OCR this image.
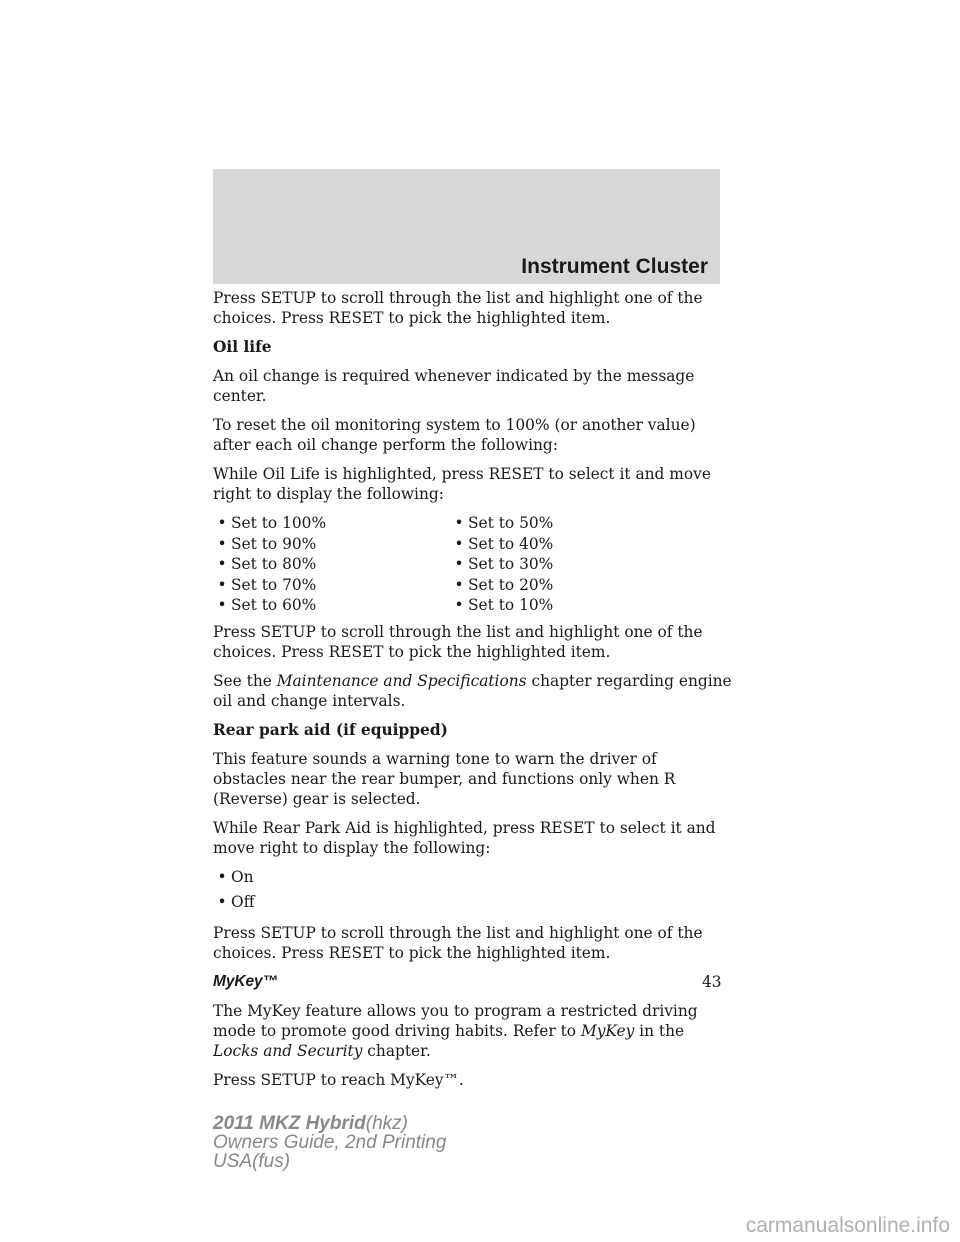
Instrument Cluster

Press SETUP to scroll through the list and highlight one of the choices. Press RESET to pick the highlighted item.

Oil life

An oil change is required whenever indicated by the message center.

To reset the oil monitoring system to 100% (or another value) after each oil change perform the following:

While Oil Life is highlighted, press RESET to select it and move right to display the following:

• Set to 100%	• Set to 50%
• Set to 90%	• Set to 40%
• Set to 80%	• Set to 30%
• Set to 70%	• Set to 20%
• Set to 60%	• Set to 10%

Press SETUP to scroll through the list and highlight one of the choices. Press RESET to pick the highlighted item.

See the Maintenance and Specifications chapter regarding engine oil and change intervals.

Rear park aid (if equipped)

This feature sounds a warning tone to warn the driver of obstacles near the rear bumper, and functions only when R (Reverse) gear is selected.

While Rear Park Aid is highlighted, press RESET to select it and move right to display the following:

• On
• Off

Press SETUP to scroll through the list and highlight one of the choices. Press RESET to pick the highlighted item.

MyKey™

The MyKey feature allows you to program a restricted driving mode to promote good driving habits. Refer to MyKey in the Locks and Security chapter.

Press SETUP to reach MyKey™.

43
2011 MKZ Hybrid(hkz)
Owners Guide, 2nd Printing
USA(fus)
carmanualsonline.info
